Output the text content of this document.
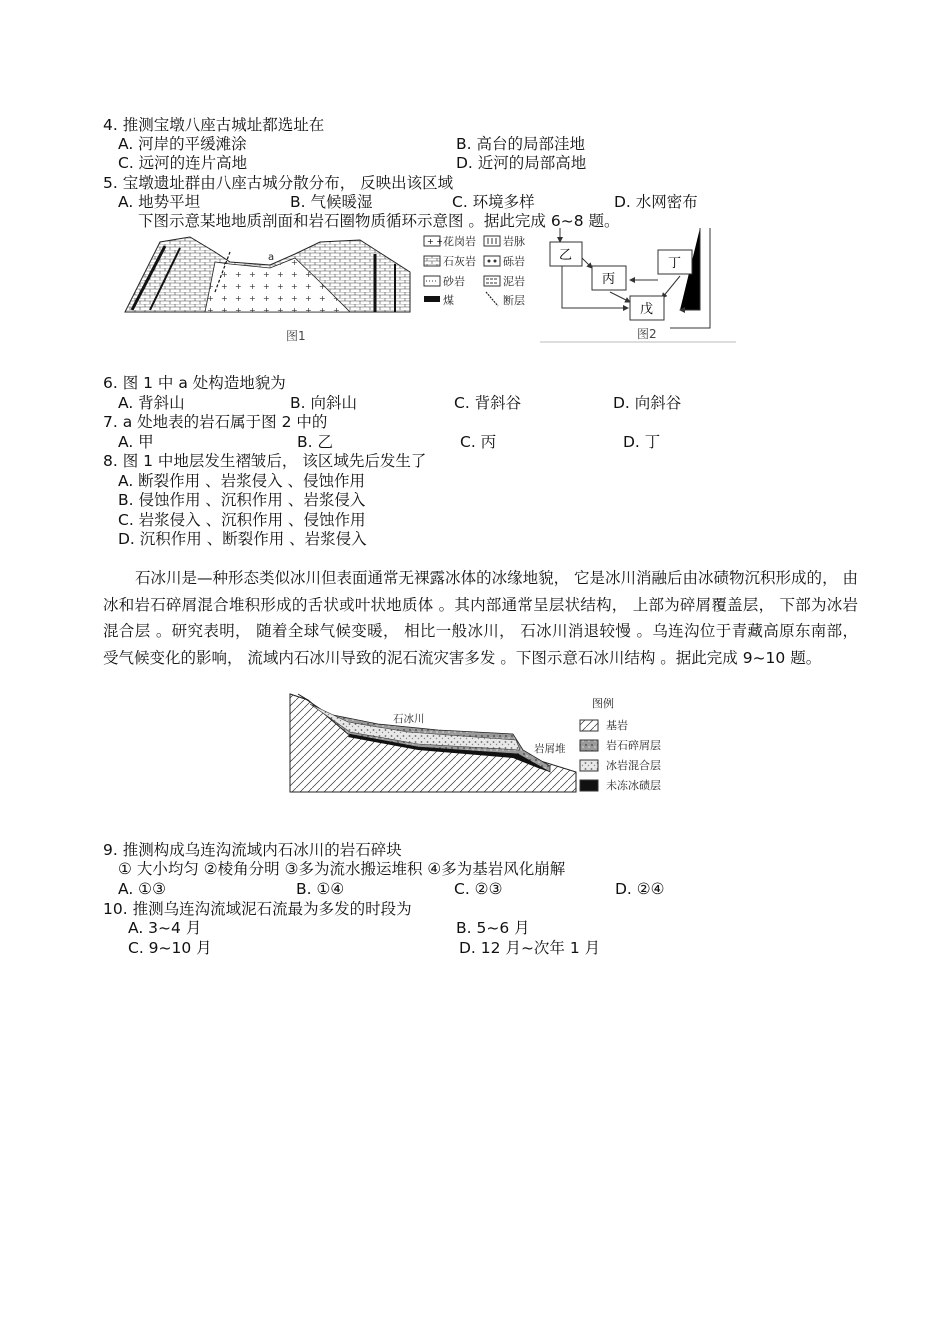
4. 推测宝墩八座古城址都选址在
A. 河岸的平缓滩涂	B. 高台的局部洼地
C. 远河的连片高地	D. 近河的局部高地
5. 宝墩遗址群由八座古城分散分布， 反映出该区域
A. 地势平坦	B. 气候暖湿	C. 环境多样	D. 水网密布
下图示意某地地质剖面和岩石圈物质循环示意图 。据此完成 6~8 题。
a
+ + 花岗岩 岩脉
石灰岩 砾岩
砂岩	泥岩
煤	断层
图1
乙
丙
丁
戊
图2
6. 图 1 中 a 处构造地貌为
A. 背斜山	B. 向斜山	C. 背斜谷	D. 向斜谷
7. a 处地表的岩石属于图 2 中的
A. 甲	B. 乙	C. 丙	D. 丁
8. 图 1 中地层发生褶皱后， 该区域先后发生了
A. 断裂作用 、岩浆侵入 、侵蚀作用
B. 侵蚀作用 、沉积作用 、岩浆侵入
C. 岩浆侵入 、沉积作用 、侵蚀作用
D. 沉积作用 、断裂作用 、岩浆侵入
石冰川是—种形态类似冰川但表面通常无裸露冰体的冰缘地貌， 它是冰川消融后由冰碛物沉积形成的， 由冰和岩石碎屑混合堆积形成的舌状或叶状地质体 。其内部通常呈层状结构， 上部为碎屑覆盖层， 下部为冰岩混合层 。研究表明， 随着全球气候变暖， 相比一般冰川， 石冰川消退较慢 。乌连沟位于青藏高原东南部， 受气候变化的影响， 流域内石冰川导致的泥石流灾害多发 。下图示意石冰川结构 。据此完成 9~10 题。
石冰川
岩屑堆
图例
基岩
岩石碎屑层
冰岩混合层
未冻冰碛层
9. 推测构成乌连沟流域内石冰川的岩石碎块
① 大小均匀 ②棱角分明 ③多为流水搬运堆积 ④多为基岩风化崩解
A. ①③	B. ①④	C. ②③	D. ②④
10. 推测乌连沟流域泥石流最为多发的时段为
A. 3~4 月	B. 5~6 月
C. 9~10 月	D. 12 月~次年 1 月
